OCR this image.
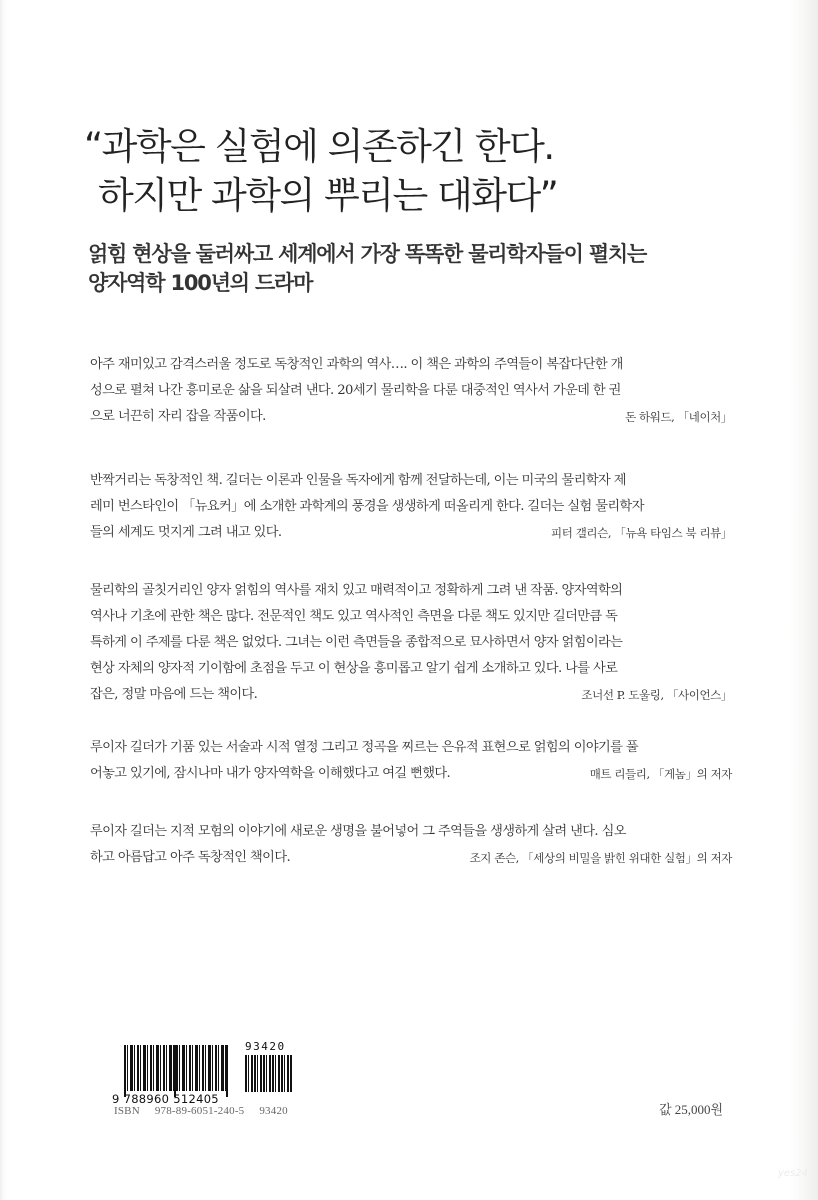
“과학은 실험에 의존하긴 한다.
하지만 과학의 뿌리는 대화다”
얽힘 현상을 둘러싸고 세계에서 가장 똑똑한 물리학자들이 펼치는
양자역학 100년의 드라마
아주 재미있고 감격스러울 정도로 독창적인 과학의 역사…. 이 책은 과학의 주역들이 복잡다단한 개
성으로 펼쳐 나간 흥미로운 삶을 되살려 낸다. 20세기 물리학을 다룬 대중적인 역사서 가운데 한 권
으로 너끈히 자리 잡을 작품이다.	돈 하워드, 「네이처」
반짝거리는 독창적인 책. 길더는 이론과 인물을 독자에게 함께 전달하는데, 이는 미국의 물리학자 제
레미 번스타인이 「뉴요커」에 소개한 과학계의 풍경을 생생하게 떠올리게 한다. 길더는 실험 물리학자
들의 세계도 멋지게 그려 내고 있다.	피터 갤리슨, 「뉴욕 타임스 북 리뷰」
물리학의 골칫거리인 양자 얽힘의 역사를 재치 있고 매력적이고 정확하게 그려 낸 작품. 양자역학의
역사나 기초에 관한 책은 많다. 전문적인 책도 있고 역사적인 측면을 다룬 책도 있지만 길더만큼 독
특하게 이 주제를 다룬 책은 없었다. 그녀는 이런 측면들을 종합적으로 묘사하면서 양자 얽힘이라는
현상 자체의 양자적 기이함에 초점을 두고 이 현상을 흥미롭고 알기 쉽게 소개하고 있다. 나를 사로
잡은, 정말 마음에 드는 책이다.	조너선 P. 도울링, 「사이언스」
루이자 길더가 기품 있는 서술과 시적 열정 그리고 정곡을 찌르는 은유적 표현으로 얽힘의 이야기를 풀
어놓고 있기에, 잠시나마 내가 양자역학을 이해했다고 여길 뻔했다.	매트 리들리, 「게놈」의 저자
루이자 길더는 지적 모험의 이야기에 새로운 생명을 불어넣어 그 주역들을 생생하게 살려 낸다. 심오
하고 아름답고 아주 독창적인 책이다.	조지 존슨, 「세상의 비밀을 밝힌 위대한 실험」의 저자
93420
9 788960 512405
ISBN 978-89-6051-240-5 93420	값 25,000원
yes24
